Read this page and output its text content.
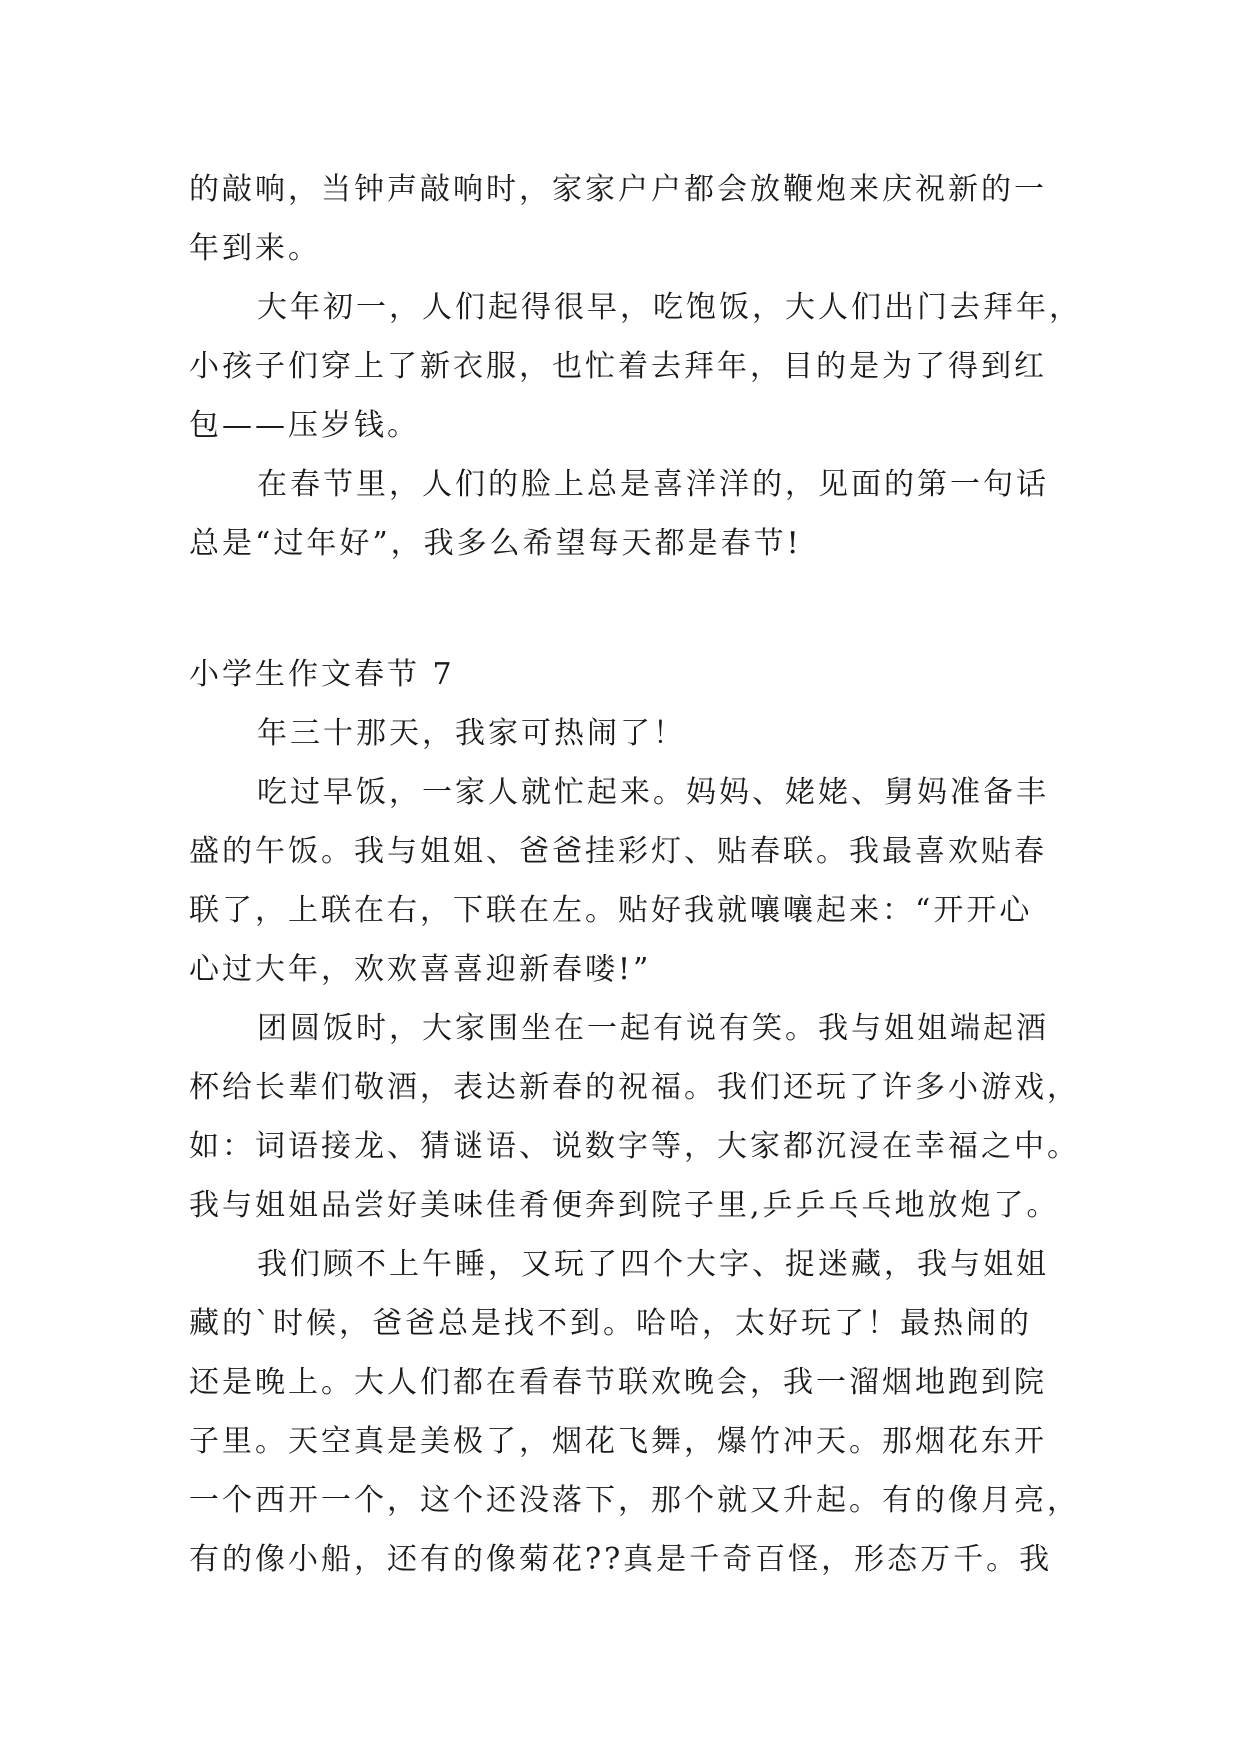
的敲响，当钟声敲响时，家家户户都会放鞭炮来庆祝新的一
年到来。
大年初一，人们起得很早，吃饱饭，大人们出门去拜年，
小孩子们穿上了新衣服，也忙着去拜年，目的是为了得到红
包——压岁钱。
在春节里，人们的脸上总是喜洋洋的，见面的第一句话
总是“过年好”，我多么希望每天都是春节!
小学生作文春节 7
年三十那天，我家可热闹了！
吃过早饭，一家人就忙起来。妈妈、姥姥、舅妈准备丰
盛的午饭。我与姐姐、爸爸挂彩灯、贴春联。我最喜欢贴春
联了，上联在右，下联在左。贴好我就嚷嚷起来：“开开心
心过大年，欢欢喜喜迎新春喽!”
团圆饭时，大家围坐在一起有说有笑。我与姐姐端起酒
杯给长辈们敬酒，表达新春的祝福。我们还玩了许多小游戏，
如：词语接龙、猜谜语、说数字等，大家都沉浸在幸福之中。
我与姐姐品尝好美味佳肴便奔到院子里,乒乒乓乓地放炮了。
我们顾不上午睡，又玩了四个大字、捉迷藏，我与姐姐
藏的`时候，爸爸总是找不到。哈哈，太好玩了！最热闹的
还是晚上。大人们都在看春节联欢晚会，我一溜烟地跑到院
子里。天空真是美极了，烟花飞舞，爆竹冲天。那烟花东开
一个西开一个，这个还没落下，那个就又升起。有的像月亮，
有的像小船，还有的像菊花??真是千奇百怪，形态万千。我
